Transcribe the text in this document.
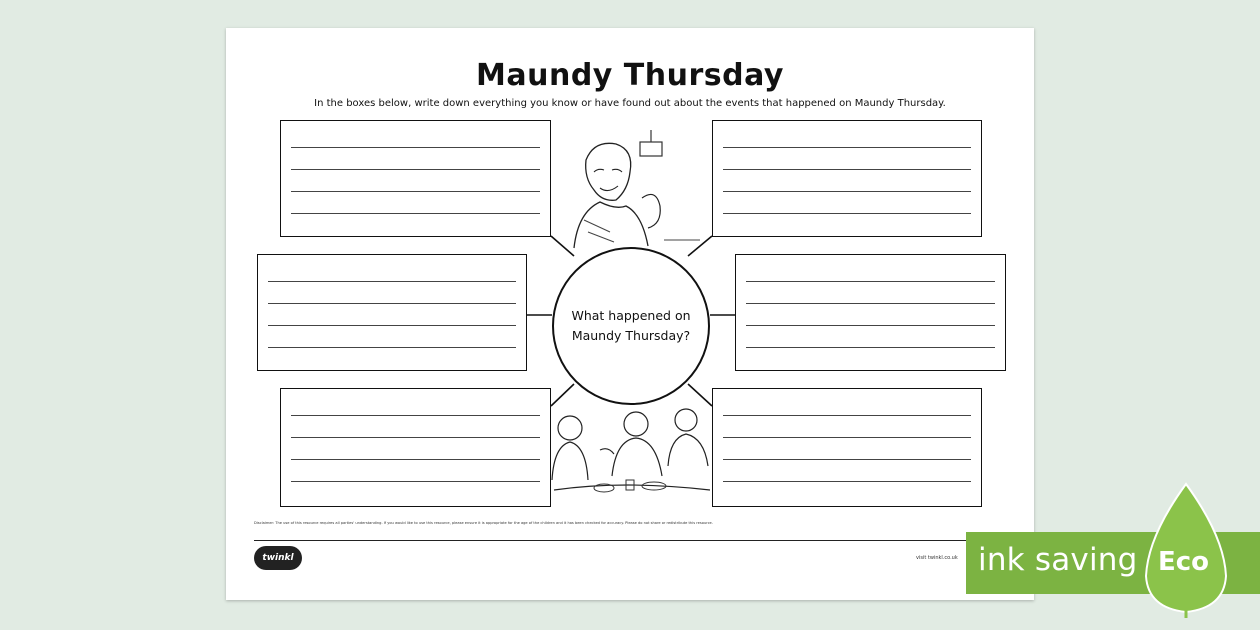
Maundy Thursday
In the boxes below, write down everything you know or have found out about the events that happened on Maundy Thursday.
What happened on
Maundy Thursday?
Disclaimer: The use of this resource requires all parties' understanding. If you would like to use this resource, please ensure it is appropriate for the age of the children and it has been checked for accuracy. Please do not share or redistribute this resource.
twinkl	visit twinkl.co.uk ink saving Eco
